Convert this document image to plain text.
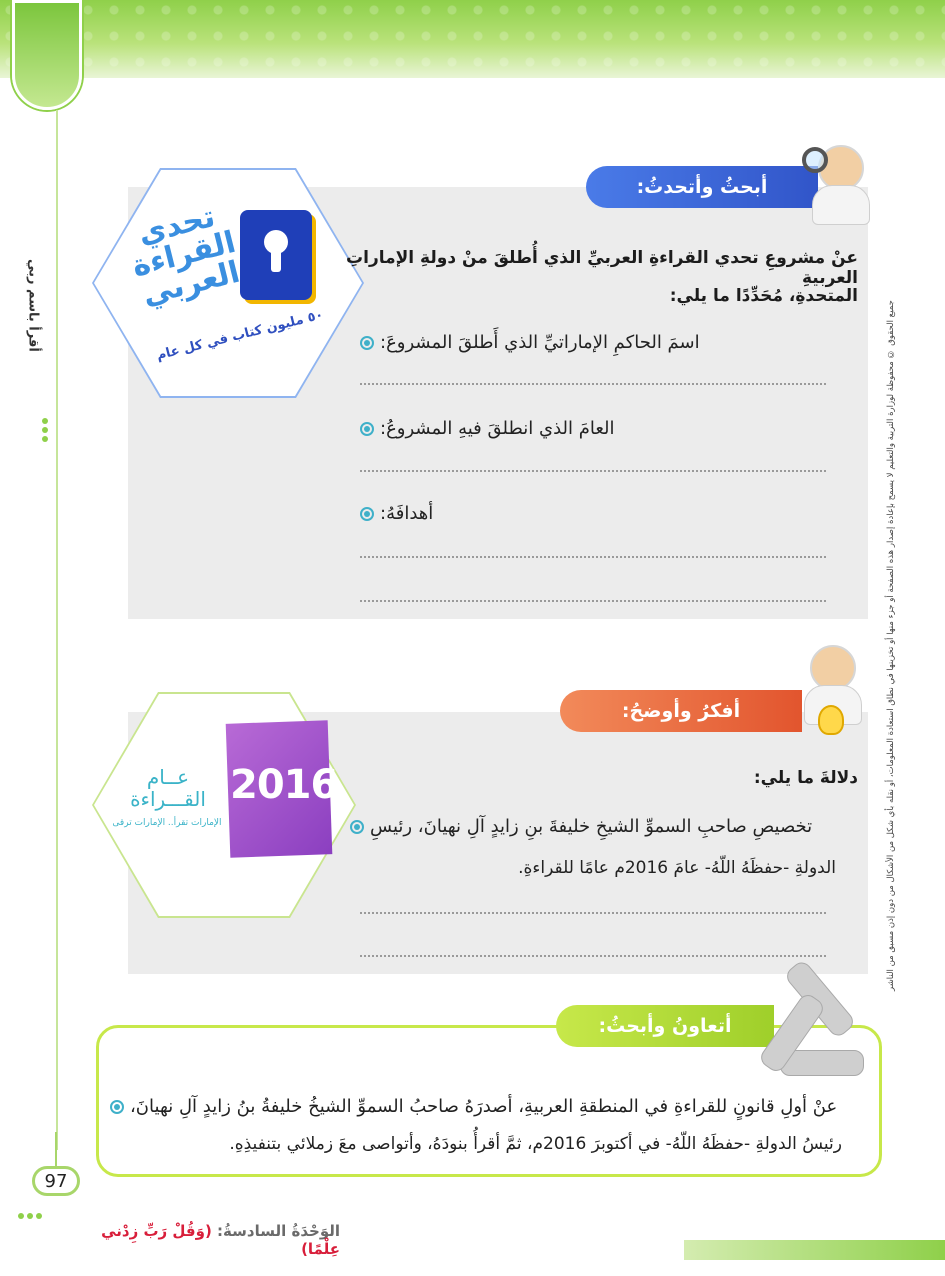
أقرأ باسم ربي	جميع الحقوق © محفوظة لوزارة التربية والتعليم لا يسمح بإعادة إصدار هذه الصفحة أو جزء منها أو تخزينها في نطاق استعادة المعلومات، أو نقله بأي شكل من الأشكال من دون إذن مسبق من الناشر
تحدي القراءة العربي
٥٠ مليون كتاب في كل عام
أبحثُ وأتحدثُ:
عنْ مشروعِ تحدي القراءةِ العربيِّ الذي أُطلقَ منْ دولةِ الإماراتِ العربيةِ
المتحدةِ، مُحَدِّدًا ما يلي:
اسمَ الحاكمِ الإماراتيِّ الذي أَطلقَ المشروعَ:
العامَ الذي انطلقَ فيهِ المشروعُ:
أهدافَهُ:
2016
عــام القـــراءة
الإمارات تقرأ.. الإمارات ترقى
أفكرُ وأوضحُ:
دلالةَ ما يلي:
تخصيصِ صاحبِ السموِّ الشيخِ خليفةَ بنِ زايدٍ آلِ نهيانَ، رئيسِ
الدولةِ -حفظَهُ اللّهُ- عامَ 2016م عامًا للقراءةِ.
أتعاونُ وأبحثُ:
عنْ أولِ قانونٍ للقراءةِ في المنطقةِ العربيةِ، أصدرَهُ صاحبُ السموِّ الشيخُ خليفةُ بنُ زايدٍ آلِ نهيانَ،
رئيسُ الدولةِ -حفظَهُ اللّهُ- في أكتوبرَ 2016م، ثمَّ أقرأُ بنودَهُ، وأتواصى معَ زملائي بتنفيذِهِ.
97
الوَحْدَةُ السادسةُ: (وَقُلْ رَبِّ زِدْني عِلْمًا)
